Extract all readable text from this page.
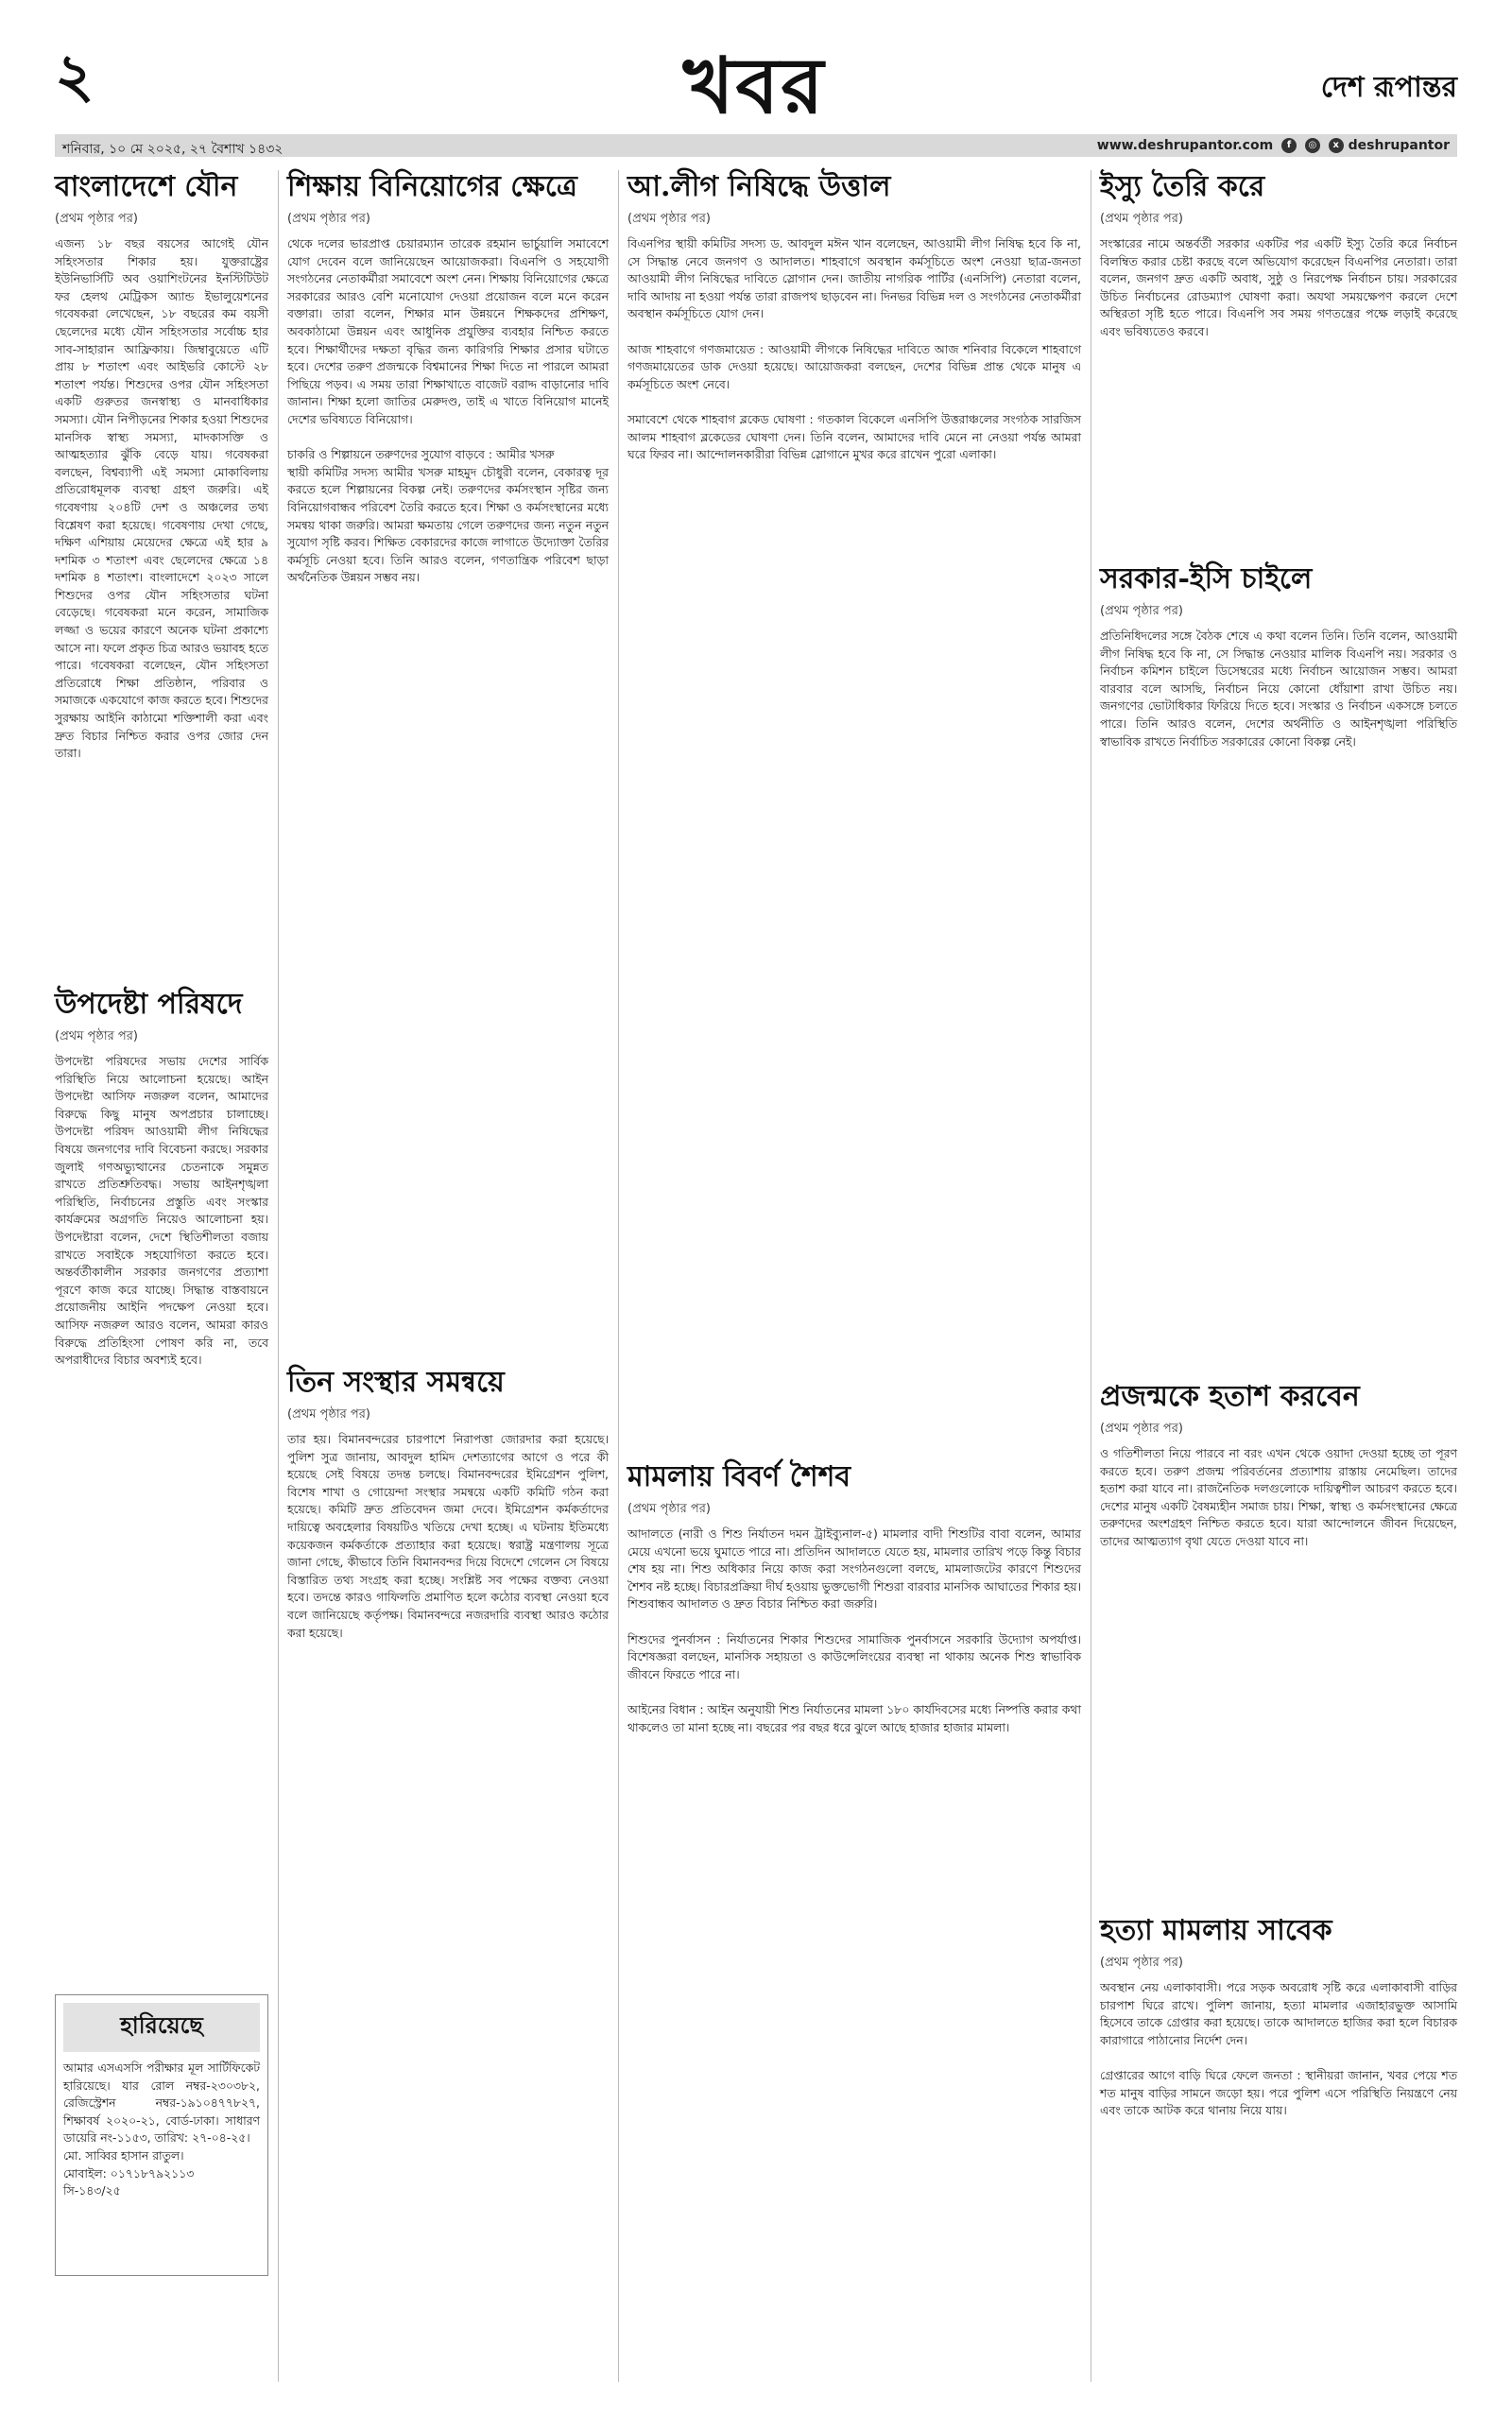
২	খবর	দেশ রূপান্তর
শনিবার, ১০ মে ২০২৫, ২৭ বৈশাখ ১৪৩২	www.deshrupantor.com f ◎ x deshrupantor
বাংলাদেশে যৌন
(প্রথম পৃষ্ঠার পর)
এজন্য ১৮ বছর বয়সের আগেই যৌন সহিংসতার শিকার হয়। যুক্তরাষ্ট্রের ইউনিভার্সিটি অব ওয়াশিংটনের ইনস্টিটিউট ফর হেলথ মেট্রিকস অ্যান্ড ইভালুয়েশনের গবেষকরা লেখেছেন, ১৮ বছরের কম বয়সী ছেলেদের মধ্যে যৌন সহিংসতার সর্বোচ্চ হার সাব-সাহারান আফ্রিকায়। জিম্বাবুয়েতে এটি প্রায় ৮ শতাংশ এবং আইভরি কোস্টে ২৮ শতাংশ পর্যন্ত। শিশুদের ওপর যৌন সহিংসতা একটি গুরুতর জনস্বাস্থ্য ও মানবাধিকার সমস্যা। যৌন নিপীড়নের শিকার হওয়া শিশুদের মানসিক স্বাস্থ্য সমস্যা, মাদকাসক্তি ও আত্মহত্যার ঝুঁকি বেড়ে যায়। গবেষকরা বলছেন, বিশ্বব্যাপী এই সমস্যা মোকাবিলায় প্রতিরোধমূলক ব্যবস্থা গ্রহণ জরুরি। এই গবেষণায় ২০৪টি দেশ ও অঞ্চলের তথ্য বিশ্লেষণ করা হয়েছে। গবেষণায় দেখা গেছে, দক্ষিণ এশিয়ায় মেয়েদের ক্ষেত্রে এই হার ৯ দশমিক ৩ শতাংশ এবং ছেলেদের ক্ষেত্রে ১৪ দশমিক ৪ শতাংশ। বাংলাদেশে ২০২৩ সালে শিশুদের ওপর যৌন সহিংসতার ঘটনা বেড়েছে। গবেষকরা মনে করেন, সামাজিক লজ্জা ও ভয়ের কারণে অনেক ঘটনা প্রকাশ্যে আসে না। ফলে প্রকৃত চিত্র আরও ভয়াবহ হতে পারে। গবেষকরা বলেছেন, যৌন সহিংসতা প্রতিরোধে শিক্ষা প্রতিষ্ঠান, পরিবার ও সমাজকে একযোগে কাজ করতে হবে। শিশুদের সুরক্ষায় আইনি কাঠামো শক্তিশালী করা এবং দ্রুত বিচার নিশ্চিত করার ওপর জোর দেন তারা।
উপদেষ্টা পরিষদে
(প্রথম পৃষ্ঠার পর)
উপদেষ্টা পরিষদের সভায় দেশের সার্বিক পরিস্থিতি নিয়ে আলোচনা হয়েছে। আইন উপদেষ্টা আসিফ নজরুল বলেন, আমাদের বিরুদ্ধে কিছু মানুষ অপপ্রচার চালাচ্ছে। উপদেষ্টা পরিষদ আওয়ামী লীগ নিষিদ্ধের বিষয়ে জনগণের দাবি বিবেচনা করছে। সরকার জুলাই গণঅভ্যুত্থানের চেতনাকে সমুন্নত রাখতে প্রতিশ্রুতিবদ্ধ। সভায় আইনশৃঙ্খলা পরিস্থিতি, নির্বাচনের প্রস্তুতি এবং সংস্কার কার্যক্রমের অগ্রগতি নিয়েও আলোচনা হয়। উপদেষ্টারা বলেন, দেশে স্থিতিশীলতা বজায় রাখতে সবাইকে সহযোগিতা করতে হবে। অন্তর্বর্তীকালীন সরকার জনগণের প্রত্যাশা পূরণে কাজ করে যাচ্ছে। সিদ্ধান্ত বাস্তবায়নে প্রয়োজনীয় আইনি পদক্ষেপ নেওয়া হবে। আসিফ নজরুল আরও বলেন, আমরা কারও বিরুদ্ধে প্রতিহিংসা পোষণ করি না, তবে অপরাধীদের বিচার অবশ্যই হবে।
হারিয়েছে
আমার এসএসসি পরীক্ষার মূল সার্টিফিকেট হারিয়েছে। যার রোল নম্বর-২৩০৩৮২, রেজিস্ট্রেশন নম্বর-১৯১০৪৭৭৮২৭, শিক্ষাবর্ষ ২০২০-২১, বোর্ড-ঢাকা। সাধারণ ডায়েরি নং-১১৫৩, তারিখ: ২৭-০৪-২৫।
মো. সাব্বির হাসান রাতুল।
মোবাইল: ০১৭১৮৭৯২১১৩
সি-১৪৩/২৫
শিক্ষায় বিনিয়োগের ক্ষেত্রে
(প্রথম পৃষ্ঠার পর)
থেকে দলের ভারপ্রাপ্ত চেয়ারম্যান তারেক রহমান ভার্চুয়ালি সমাবেশে যোগ দেবেন বলে জানিয়েছেন আয়োজকরা। বিএনপি ও সহযোগী সংগঠনের নেতাকর্মীরা সমাবেশে অংশ নেন। শিক্ষায় বিনিয়োগের ক্ষেত্রে সরকারের আরও বেশি মনোযোগ দেওয়া প্রয়োজন বলে মনে করেন বক্তারা। তারা বলেন, শিক্ষার মান উন্নয়নে শিক্ষকদের প্রশিক্ষণ, অবকাঠামো উন্নয়ন এবং আধুনিক প্রযুক্তির ব্যবহার নিশ্চিত করতে হবে। শিক্ষার্থীদের দক্ষতা বৃদ্ধির জন্য কারিগরি শিক্ষার প্রসার ঘটাতে হবে। দেশের তরুণ প্রজন্মকে বিশ্বমানের শিক্ষা দিতে না পারলে আমরা পিছিয়ে পড়ব। এ সময় তারা শিক্ষাখাতে বাজেট বরাদ্দ বাড়ানোর দাবি জানান। শিক্ষা হলো জাতির মেরুদণ্ড, তাই এ খাতে বিনিয়োগ মানেই দেশের ভবিষ্যতে বিনিয়োগ।

চাকরি ও শিল্পায়নে তরুণদের সুযোগ বাড়বে : আমীর খসরু
স্থায়ী কমিটির সদস্য আমীর খসরু মাহমুদ চৌধুরী বলেন, বেকারত্ব দূর করতে হলে শিল্পায়নের বিকল্প নেই। তরুণদের কর্মসংস্থান সৃষ্টির জন্য বিনিয়োগবান্ধব পরিবেশ তৈরি করতে হবে। শিক্ষা ও কর্মসংস্থানের মধ্যে সমন্বয় থাকা জরুরি। আমরা ক্ষমতায় গেলে তরুণদের জন্য নতুন নতুন সুযোগ সৃষ্টি করব। শিক্ষিত বেকারদের কাজে লাগাতে উদ্যোক্তা তৈরির কর্মসূচি নেওয়া হবে। তিনি আরও বলেন, গণতান্ত্রিক পরিবেশ ছাড়া অর্থনৈতিক উন্নয়ন সম্ভব নয়।
তিন সংস্থার সমন্বয়ে
(প্রথম পৃষ্ঠার পর)
তার হয়। বিমানবন্দরের চারপাশে নিরাপত্তা জোরদার করা হয়েছে। পুলিশ সুত্র জানায়, আবদুল হামিদ দেশত্যাগের আগে ও পরে কী হয়েছে সেই বিষয়ে তদন্ত চলছে। বিমানবন্দরের ইমিগ্রেশন পুলিশ, বিশেষ শাখা ও গোয়েন্দা সংস্থার সমন্বয়ে একটি কমিটি গঠন করা হয়েছে। কমিটি দ্রুত প্রতিবেদন জমা দেবে। ইমিগ্রেশন কর্মকর্তাদের দায়িত্বে অবহেলার বিষয়টিও খতিয়ে দেখা হচ্ছে। এ ঘটনায় ইতিমধ্যে কয়েকজন কর্মকর্তাকে প্রত্যাহার করা হয়েছে। স্বরাষ্ট্র মন্ত্রণালয় সূত্রে জানা গেছে, কীভাবে তিনি বিমানবন্দর দিয়ে বিদেশে গেলেন সে বিষয়ে বিস্তারিত তথ্য সংগ্রহ করা হচ্ছে। সংশ্লিষ্ট সব পক্ষের বক্তব্য নেওয়া হবে। তদন্তে কারও গাফিলতি প্রমাণিত হলে কঠোর ব্যবস্থা নেওয়া হবে বলে জানিয়েছে কর্তৃপক্ষ। বিমানবন্দরে নজরদারি ব্যবস্থা আরও কঠোর করা হয়েছে।
আ.লীগ নিষিদ্ধে উত্তাল
(প্রথম পৃষ্ঠার পর)
বিএনপির স্থায়ী কমিটির সদস্য ড. আবদুল মঈন খান বলেছেন, আওয়ামী লীগ নিষিদ্ধ হবে কি না, সে সিদ্ধান্ত নেবে জনগণ ও আদালত। শাহবাগে অবস্থান কর্মসূচিতে অংশ নেওয়া ছাত্র-জনতা আওয়ামী লীগ নিষিদ্ধের দাবিতে স্লোগান দেন। জাতীয় নাগরিক পার্টির (এনসিপি) নেতারা বলেন, দাবি আদায় না হওয়া পর্যন্ত তারা রাজপথ ছাড়বেন না। দিনভর বিভিন্ন দল ও সংগঠনের নেতাকর্মীরা অবস্থান কর্মসূচিতে যোগ দেন।

আজ শাহবাগে গণজমায়েত : আওয়ামী লীগকে নিষিদ্ধের দাবিতে আজ শনিবার বিকেলে শাহবাগে গণজমায়েতের ডাক দেওয়া হয়েছে। আয়োজকরা বলছেন, দেশের বিভিন্ন প্রান্ত থেকে মানুষ এ কর্মসূচিতে অংশ নেবে।

সমাবেশে থেকে শাহবাগ ব্লকেড ঘোষণা : গতকাল বিকেলে এনসিপি উত্তরাঞ্চলের সংগঠক সারজিস আলম শাহবাগ ব্লকেডের ঘোষণা দেন। তিনি বলেন, আমাদের দাবি মেনে না নেওয়া পর্যন্ত আমরা ঘরে ফিরব না। আন্দোলনকারীরা বিভিন্ন স্লোগানে মুখর করে রাখেন পুরো এলাকা।
মামলায় বিবর্ণ শৈশব
(প্রথম পৃষ্ঠার পর)
আদালতে (নারী ও শিশু নির্যাতন দমন ট্রাইব্যুনাল-৫) মামলার বাদী শিশুটির বাবা বলেন, আমার মেয়ে এখনো ভয়ে ঘুমাতে পারে না। প্রতিদিন আদালতে যেতে হয়, মামলার তারিখ পড়ে কিন্তু বিচার শেষ হয় না। শিশু অধিকার নিয়ে কাজ করা সংগঠনগুলো বলছে, মামলাজটের কারণে শিশুদের শৈশব নষ্ট হচ্ছে। বিচারপ্রক্রিয়া দীর্ঘ হওয়ায় ভুক্তভোগী শিশুরা বারবার মানসিক আঘাতের শিকার হয়। শিশুবান্ধব আদালত ও দ্রুত বিচার নিশ্চিত করা জরুরি।

শিশুদের পুনর্বাসন : নির্যাতনের শিকার শিশুদের সামাজিক পুনর্বাসনে সরকারি উদ্যোগ অপর্যাপ্ত। বিশেষজ্ঞরা বলছেন, মানসিক সহায়তা ও কাউন্সেলিংয়ের ব্যবস্থা না থাকায় অনেক শিশু স্বাভাবিক জীবনে ফিরতে পারে না।

আইনের বিধান : আইন অনুযায়ী শিশু নির্যাতনের মামলা ১৮০ কার্যদিবসের মধ্যে নিষ্পত্তি করার কথা থাকলেও তা মানা হচ্ছে না। বছরের পর বছর ধরে ঝুলে আছে হাজার হাজার মামলা।
ইস্যু তৈরি করে
(প্রথম পৃষ্ঠার পর)
সংস্কারের নামে অন্তর্বর্তী সরকার একটির পর একটি ইস্যু তৈরি করে নির্বাচন বিলম্বিত করার চেষ্টা করছে বলে অভিযোগ করেছেন বিএনপির নেতারা। তারা বলেন, জনগণ দ্রুত একটি অবাধ, সুষ্ঠু ও নিরপেক্ষ নির্বাচন চায়। সরকারের উচিত নির্বাচনের রোডম্যাপ ঘোষণা করা। অযথা সময়ক্ষেপণ করলে দেশে অস্থিরতা সৃষ্টি হতে পারে। বিএনপি সব সময় গণতন্ত্রের পক্ষে লড়াই করেছে এবং ভবিষ্যতেও করবে।
সরকার-ইসি চাইলে
(প্রথম পৃষ্ঠার পর)
প্রতিনিধিদলের সঙ্গে বৈঠক শেষে এ কথা বলেন তিনি। তিনি বলেন, আওয়ামী লীগ নিষিদ্ধ হবে কি না, সে সিদ্ধান্ত নেওয়ার মালিক বিএনপি নয়। সরকার ও নির্বাচন কমিশন চাইলে ডিসেম্বরের মধ্যে নির্বাচন আয়োজন সম্ভব। আমরা বারবার বলে আসছি, নির্বাচন নিয়ে কোনো ধোঁয়াশা রাখা উচিত নয়। জনগণের ভোটাধিকার ফিরিয়ে দিতে হবে। সংস্কার ও নির্বাচন একসঙ্গে চলতে পারে। তিনি আরও বলেন, দেশের অর্থনীতি ও আইনশৃঙ্খলা পরিস্থিতি স্বাভাবিক রাখতে নির্বাচিত সরকারের কোনো বিকল্প নেই।
প্রজন্মকে হতাশ করবেন
(প্রথম পৃষ্ঠার পর)
ও গতিশীলতা নিয়ে পারবে না বরং এখন থেকে ওয়াদা দেওয়া হচ্ছে তা পূরণ করতে হবে। তরুণ প্রজন্ম পরিবর্তনের প্রত্যাশায় রাস্তায় নেমেছিল। তাদের হতাশ করা যাবে না। রাজনৈতিক দলগুলোকে দায়িত্বশীল আচরণ করতে হবে। দেশের মানুষ একটি বৈষম্যহীন সমাজ চায়। শিক্ষা, স্বাস্থ্য ও কর্মসংস্থানের ক্ষেত্রে তরুণদের অংশগ্রহণ নিশ্চিত করতে হবে। যারা আন্দোলনে জীবন দিয়েছেন, তাদের আত্মত্যাগ বৃথা যেতে দেওয়া যাবে না।
হত্যা মামলায় সাবেক
(প্রথম পৃষ্ঠার পর)
অবস্থান নেয় এলাকাবাসী। পরে সড়ক অবরোধ সৃষ্টি করে এলাকাবাসী বাড়ির চারপাশ ঘিরে রাখে। পুলিশ জানায়, হত্যা মামলার এজাহারভুক্ত আসামি হিসেবে তাকে গ্রেপ্তার করা হয়েছে। তাকে আদালতে হাজির করা হলে বিচারক কারাগারে পাঠানোর নির্দেশ দেন।

গ্রেপ্তারের আগে বাড়ি ঘিরে ফেলে জনতা : স্থানীয়রা জানান, খবর পেয়ে শত শত মানুষ বাড়ির সামনে জড়ো হয়। পরে পুলিশ এসে পরিস্থিতি নিয়ন্ত্রণে নেয় এবং তাকে আটক করে থানায় নিয়ে যায়।
